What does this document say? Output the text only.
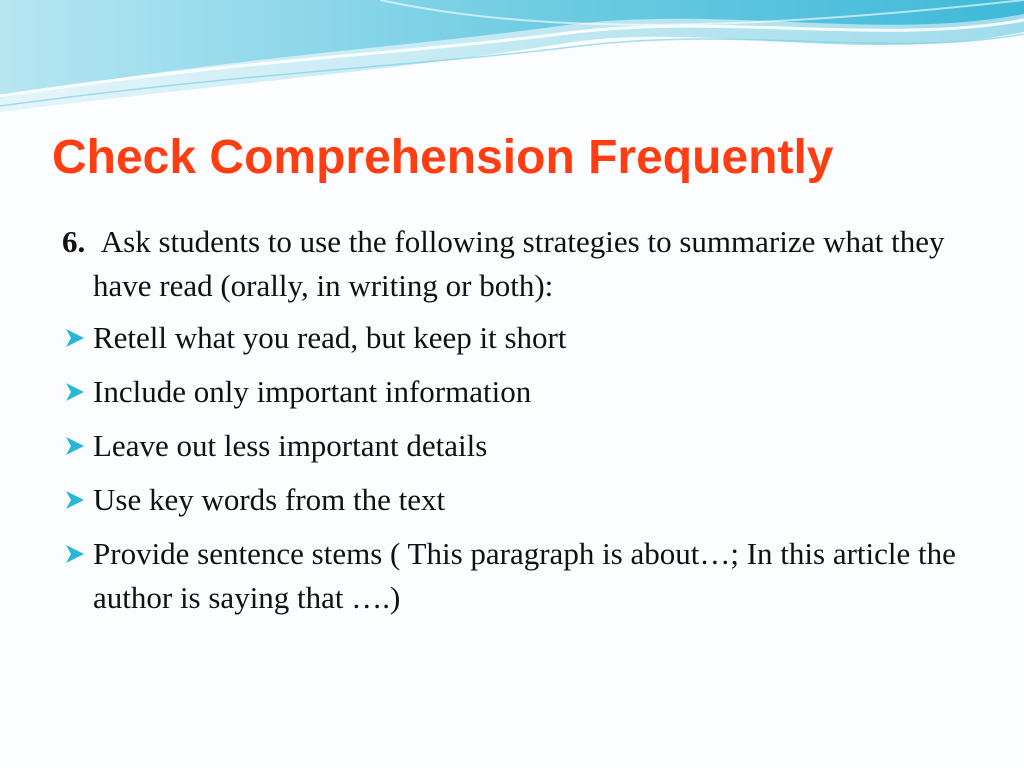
Check Comprehension Frequently

6. Ask students to use the following strategies to summarize what they have read (orally, in writing or both):

Retell what you read, but keep it short
Include only important information
Leave out less important details
Use key words from the text
Provide sentence stems ( This paragraph is about…; In this article the author is saying that ….)
